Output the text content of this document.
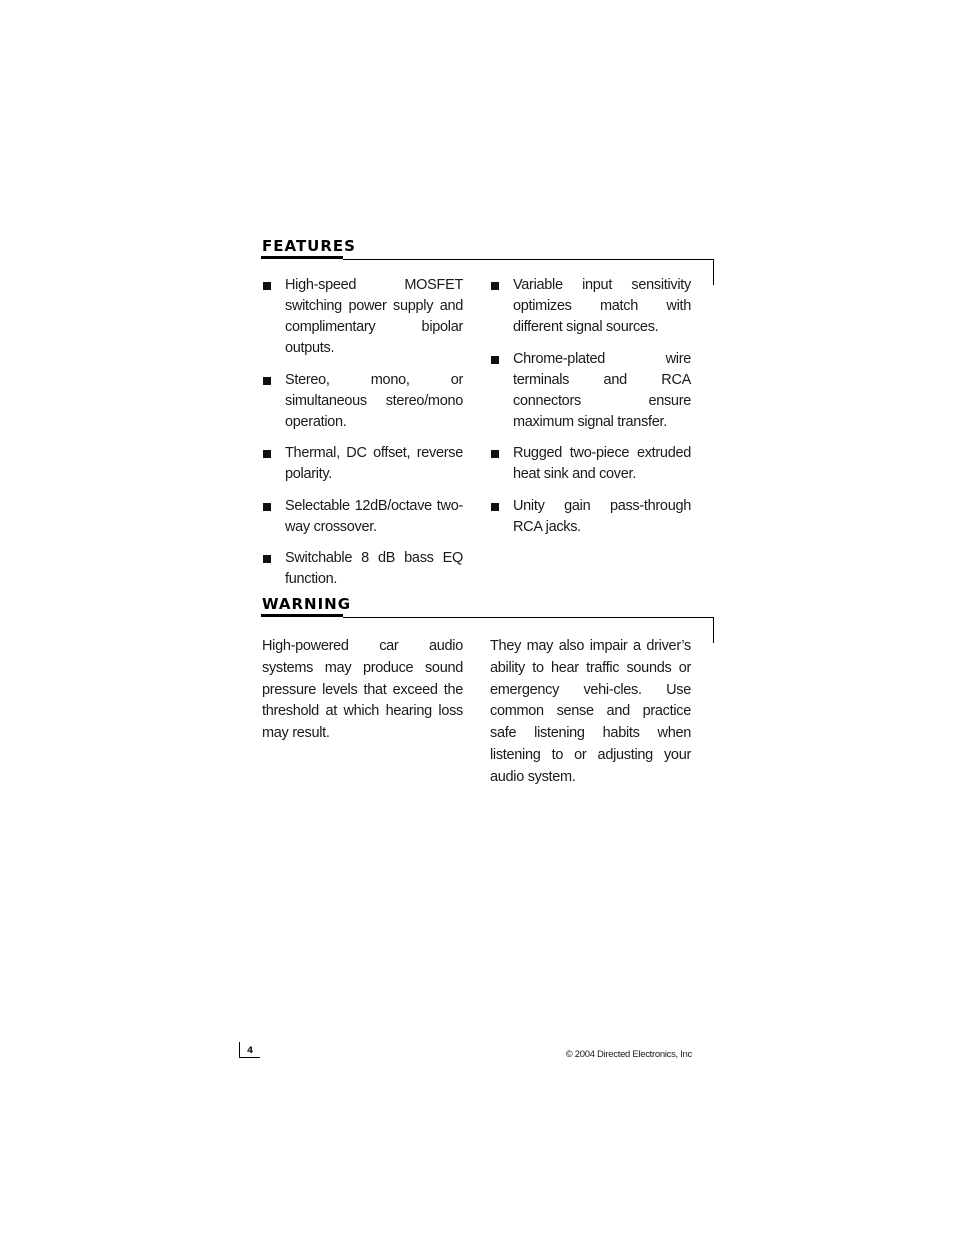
FEATURES
High-speed MOSFET switching power supply and complimentary bipolar outputs.
Stereo, mono, or simultaneous stereo/mono operation.
Thermal, DC offset, reverse polarity.
Selectable 12dB/octave two-way crossover.
Switchable 8 dB bass EQ function.
Variable input sensitivity optimizes match with different signal sources.
Chrome-plated wire terminals and RCA connectors ensure maximum signal transfer.
Rugged two-piece extruded heat sink and cover.
Unity gain pass-through RCA jacks.
WARNING

High-powered car audio systems may produce sound pressure levels that exceed the threshold at which hearing loss may result.

They may also impair a driver’s ability to hear traffic sounds or emergency vehi-cles. Use common sense and practice safe listening habits when listening to or adjusting your audio system.

4	© 2004 Directed Electronics, Inc
